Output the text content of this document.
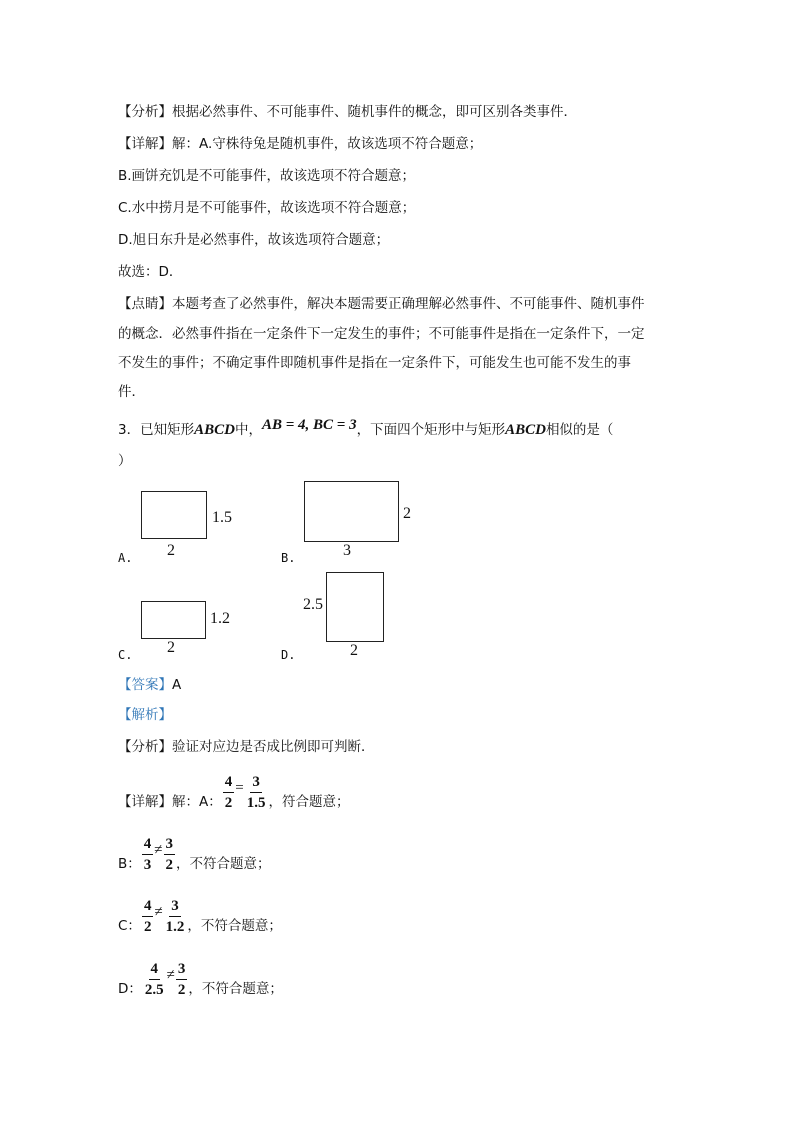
【分析】根据必然事件、不可能事件、随机事件的概念，即可区别各类事件．
【详解】解：A.守株待兔是随机事件，故该选项不符合题意；
B.画饼充饥是不可能事件，故该选项不符合题意；
C.水中捞月是不可能事件，故该选项不符合题意；
D.旭日东升是必然事件，故该选项符合题意；
故选：D．
【点睛】本题考查了必然事件，解决本题需要正确理解必然事件、不可能事件、随机事件
的概念．必然事件指在一定条件下一定发生的事件；不可能事件是指在一定条件下，一定
不发生的事件；不确定事件即随机事件是指在一定条件下，可能发生也可能不发生的事
件．
3．已知矩形ABCD中，AB = 4, BC = 3，下面四个矩形中与矩形ABCD相似的是（
）
1.5
2
A.
2
3
B.
1.2
2
C.
2.5
2
D.
【答案】A
【解析】
【分析】验证对应边是否成比例即可判断．
【详解】解：A： $\frac{4}{2} = \frac{3}{1.5}$ ，符合题意；
B： $\frac{4}{3} \ne \frac{3}{2}$ ，不符合题意；
C： $\frac{4}{2} \ne \frac{3}{1.2}$ ，不符合题意；
D： $\frac{4}{2.5} \ne \frac{3}{2}$ ，不符合题意；
